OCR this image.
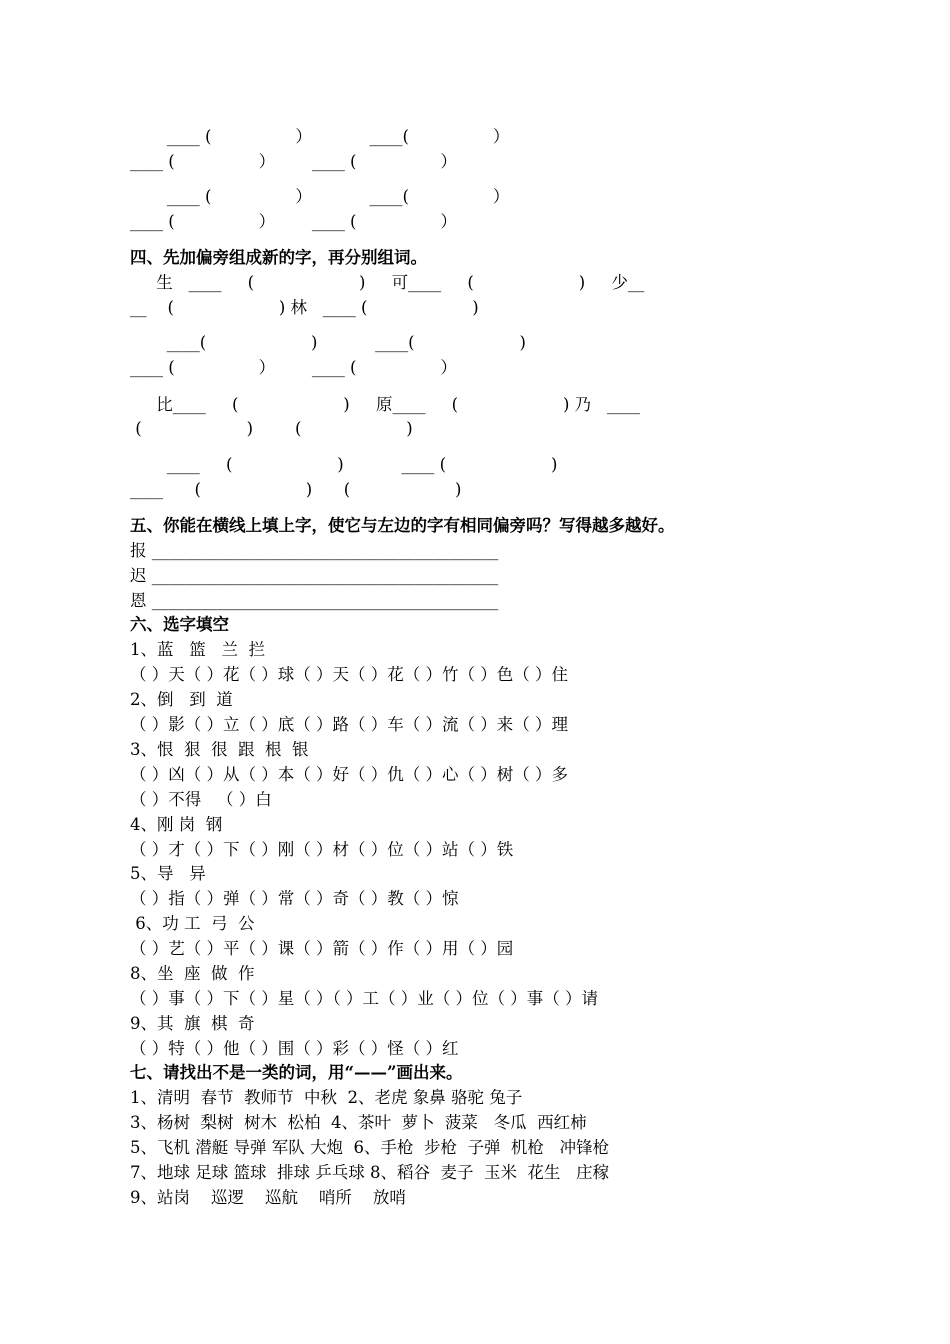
____ (                ）           ____(                ）
____ (                ）       ____ (                ）
____ (                ）           ____(                ）
____ (                ）       ____ (                ）
四、先加偏旁组成新的字，再分别组词。
生   ____     (                    )     可____     (                    )     少__
__    (                    ) 林   ____ (                    )
____(                    )           ____(                    )
____ (                ）       ____ (                ）
比____     (                    )     原____     (                    ) 乃   ____
(                    )        (                    )
____     (                    )           ____ (                    )
____      (                    )      (                    )
五、你能在横线上填上字，使它与左边的字有相同偏旁吗？写得越多越好。
报 __________________________________________
迟 __________________________________________
恩 __________________________________________
六、选字填空
1、蓝   篮   兰  拦
（ ）天（ ）花（ ）球（ ）天（ ）花（ ）竹（ ）色（ ）住
2、倒   到  道
（ ）影（ ）立（ ）底（ ）路（ ）车（ ）流（ ）来（ ）理
3、恨  狠  很  跟  根  银
（ ）凶（ ）从（ ）本（ ）好（ ）仇（ ）心（ ）树（ ）多
（ ）不得   （ ）白
4、刚 岗  钢
（ ）才（ ）下（ ）刚（ ）材（ ）位（ ）站（ ）铁
5、导   异
（ ）指（ ）弹（ ）常（ ）奇（ ）教（ ）惊
6、功 工  弓  公
（ ）艺（ ）平（ ）课（ ）箭（ ）作（ ）用（ ）园
8、坐  座  做  作
（ ）事（ ）下（ ）星（ ）（ ）工（ ）业（ ）位（ ）事（ ）请
9、其  旗  棋  奇
（ ）特（ ）他（ ）围（ ）彩（ ）怪（ ）红
七、请找出不是一类的词，用“——”画出来。
1、清明  春节  教师节  中秋  2、老虎 象鼻 骆驼 兔子
3、杨树  梨树  树木  松柏  4、茶叶  萝卜  菠菜   冬瓜  西红柿
5、飞机 潜艇 导弹 军队 大炮  6、手枪  步枪  子弹  机枪   冲锋枪
7、地球 足球 篮球  排球 乒乓球 8、稻谷  麦子  玉米  花生   庄稼
9、站岗    巡逻    巡航    哨所    放哨
